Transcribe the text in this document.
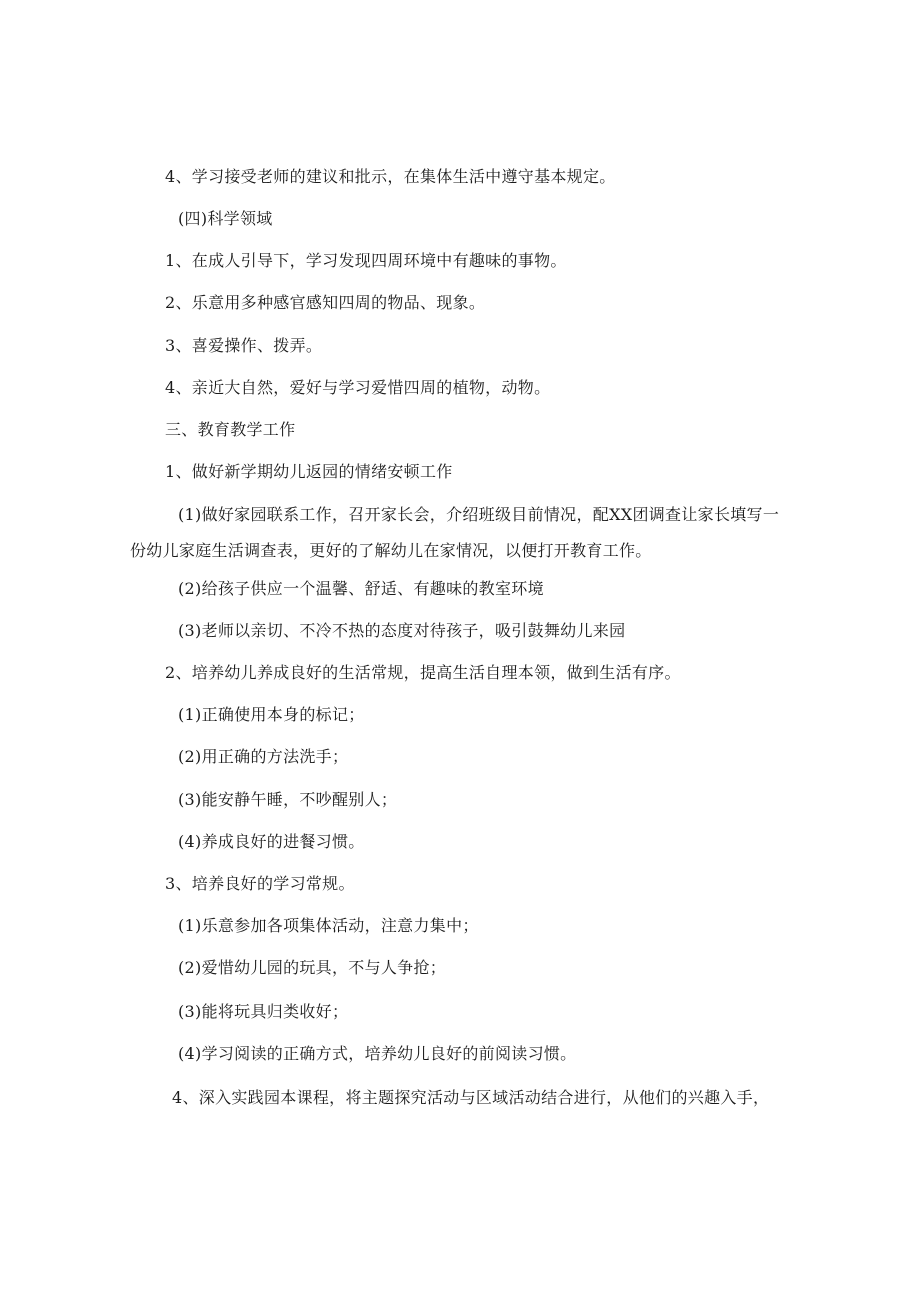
4、学习接受老师的建议和批示，在集体生活中遵守基本规定。
(四)科学领域
1、在成人引导下，学习发现四周环境中有趣味的事物。
2、乐意用多种感官感知四周的物品、现象。
3、喜爱操作、拨弄。
4、亲近大自然，爱好与学习爱惜四周的植物，动物。
三、教育教学工作
1、做好新学期幼儿返园的情绪安顿工作
(1)做好家园联系工作，召开家长会，介绍班级目前情况，配XX团调查让家长填写一份幼儿家庭生活调查表，更好的了解幼儿在家情况，以便打开教育工作。
(2)给孩子供应一个温馨、舒适、有趣味的教室环境
(3)老师以亲切、不冷不热的态度对待孩子，吸引鼓舞幼儿来园
2、培养幼儿养成良好的生活常规，提高生活自理本领，做到生活有序。
(1)正确使用本身的标记；
(2)用正确的方法洗手；
(3)能安静午睡，不吵醒别人；
(4)养成良好的进餐习惯。
3、培养良好的学习常规。
(1)乐意参加各项集体活动，注意力集中；
(2)爱惜幼儿园的玩具，不与人争抢；
(3)能将玩具归类收好；
(4)学习阅读的正确方式，培养幼儿良好的前阅读习惯。
4、深入实践园本课程，将主题探究活动与区域活动结合进行，从他们的兴趣入手，
